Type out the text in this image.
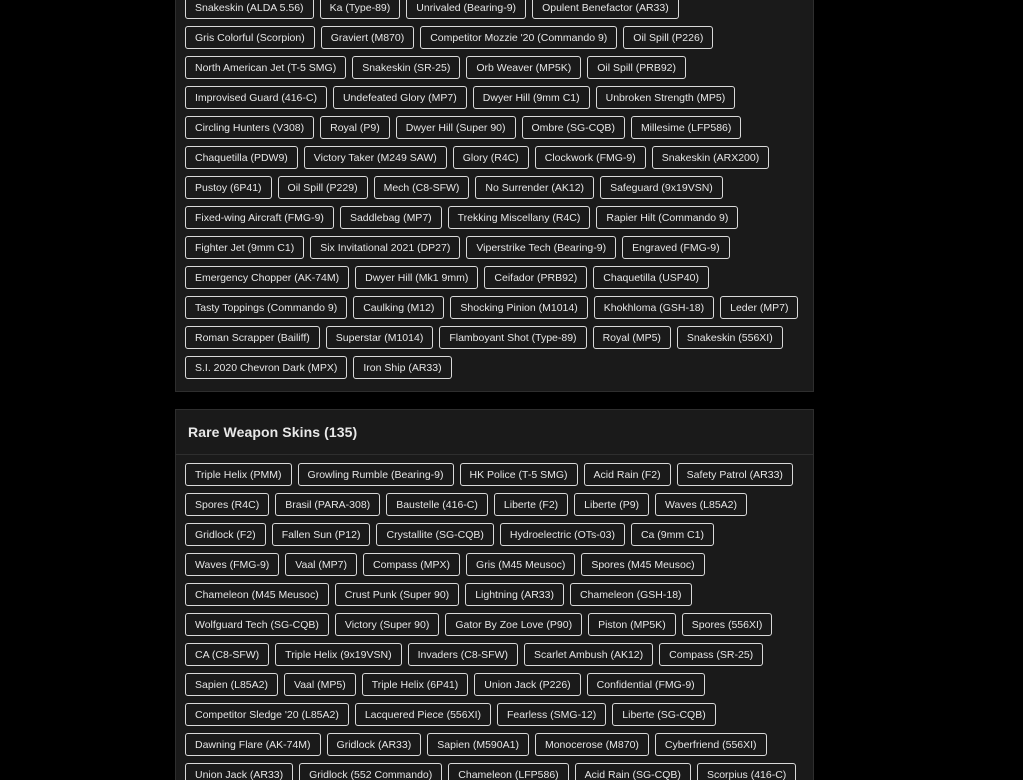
Snakeskin (ALDA 5.56)	Ka (Type-89)	Unrivaled (Bearing-9)	Opulent Benefactor (AR33)
Gris Colorful (Scorpion)	Graviert (M870)	Competitor Mozzie '20 (Commando 9)	Oil Spill (P226)
North American Jet (T-5 SMG)	Snakeskin (SR-25)	Orb Weaver (MP5K)	Oil Spill (PRB92)
Improvised Guard (416-C)	Undefeated Glory (MP7)	Dwyer Hill (9mm C1)	Unbroken Strength (MP5)
Circling Hunters (V308)	Royal (P9)	Dwyer Hill (Super 90)	Ombre (SG-CQB)	Millesime (LFP586)
Chaquetilla (PDW9)	Victory Taker (M249 SAW)	Glory (R4C)	Clockwork (FMG-9)	Snakeskin (ARX200)
Pustoy (6P41)	Oil Spill (P229)	Mech (C8-SFW)	No Surrender (AK12)	Safeguard (9x19VSN)
Fixed-wing Aircraft (FMG-9)	Saddlebag (MP7)	Trekking Miscellany (R4C)	Rapier Hilt (Commando 9)
Fighter Jet (9mm C1)	Six Invitational 2021 (DP27)	Viperstrike Tech (Bearing-9)	Engraved (FMG-9)
Emergency Chopper (AK-74M)	Dwyer Hill (Mk1 9mm)	Ceifador (PRB92)	Chaquetilla (USP40)
Tasty Toppings (Commando 9)	Caulking (M12)	Shocking Pinion (M1014)	Khokhloma (GSH-18)	Leder (MP7)
Roman Scrapper (Bailiff)	Superstar (M1014)	Flamboyant Shot (Type-89)	Royal (MP5)	Snakeskin (556XI)
S.I. 2020 Chevron Dark (MPX)	Iron Ship (AR33)
Rare Weapon Skins (135)
Triple Helix (PMM)	Growling Rumble (Bearing-9)	HK Police (T-5 SMG)	Acid Rain (F2)	Safety Patrol (AR33)
Spores (R4C)	Brasil (PARA-308)	Baustelle (416-C)	Liberte (F2)	Liberte (P9)	Waves (L85A2)
Gridlock (F2)	Fallen Sun (P12)	Crystallite (SG-CQB)	Hydroelectric (OTs-03)	Ca (9mm C1)
Waves (FMG-9)	Vaal (MP7)	Compass (MPX)	Gris (M45 Meusoc)	Spores (M45 Meusoc)
Chameleon (M45 Meusoc)	Crust Punk (Super 90)	Lightning (AR33)	Chameleon (GSH-18)
Wolfguard Tech (SG-CQB)	Victory (Super 90)	Gator By Zoe Love (P90)	Piston (MP5K)	Spores (556XI)
CA (C8-SFW)	Triple Helix (9x19VSN)	Invaders (C8-SFW)	Scarlet Ambush (AK12)	Compass (SR-25)
Sapien (L85A2)	Vaal (MP5)	Triple Helix (6P41)	Union Jack (P226)	Confidential (FMG-9)
Competitor Sledge '20 (L85A2)	Lacquered Piece (556XI)	Fearless (SMG-12)	Liberte (SG-CQB)
Dawning Flare (AK-74M)	Gridlock (AR33)	Sapien (M590A1)	Monocerose (M870)	Cyberfriend (556XI)
Union Jack (AR33)	Gridlock (552 Commando)	Chameleon (LFP586)	Acid Rain (SG-CQB)	Scorpius (416-C)
